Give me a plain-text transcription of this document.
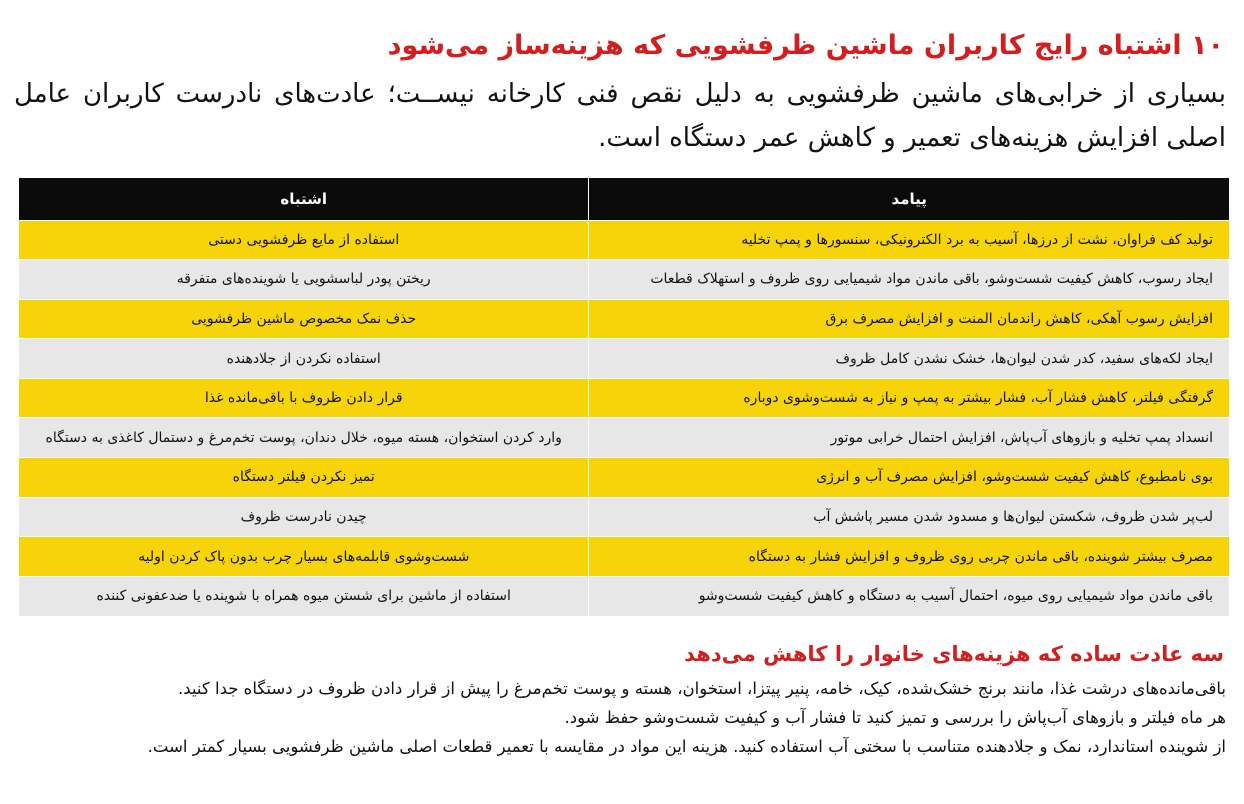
۱۰ اشتباه رایج کاربران ماشین ظرفشویی که هزینه‌ساز می‌شود

بسیاری از خرابی‌های ماشین ظرفشویی به دلیل نقص فنی کارخانه نیســت؛ عادت‌های نادرست کاربران عامل اصلی افزایش هزینه‌های تعمیر و کاهش عمر دستگاه است.

پیامد	اشتباه
تولید کف فراوان، نشت از درزها، آسیب به برد الکترونیکی، سنسورها و پمپ تخلیه	استفاده از مایع ظرفشویی دستی
ایجاد رسوب، کاهش کیفیت شست‌وشو، باقی ماندن مواد شیمیایی روی ظروف و استهلاک قطعات	ریختن پودر لباسشویی یا شوینده‌های متفرقه
افزایش رسوب آهکی، کاهش راندمان المنت و افزایش مصرف برق	حذف نمک مخصوص ماشین ظرفشویی
ایجاد لکه‌های سفید، کدر شدن لیوان‌ها، خشک نشدن کامل ظروف	استفاده نکردن از جلادهنده
گرفتگی فیلتر، کاهش فشار آب، فشار بیشتر به پمپ و نیاز به شست‌وشوی دوباره	قرار دادن ظروف با باقی‌مانده غذا
انسداد پمپ تخلیه و بازوهای آب‌پاش، افزایش احتمال خرابی موتور	وارد کردن استخوان، هسته میوه، خلال دندان، پوست تخم‌مرغ و دستمال کاغذی به دستگاه
بوی نامطبوع، کاهش کیفیت شست‌وشو، افزایش مصرف آب و انرژی	تمیز نکردن فیلتر دستگاه
لب‌پر شدن ظروف، شکستن لیوان‌ها و مسدود شدن مسیر پاشش آب	چیدن نادرست ظروف
مصرف بیشتر شوینده، باقی ماندن چربی روی ظروف و افزایش فشار به دستگاه	شست‌وشوی قابلمه‌های بسیار چرب بدون پاک کردن اولیه
باقی ماندن مواد شیمیایی روی میوه، احتمال آسیب به دستگاه و کاهش کیفیت شست‌وشو	استفاده از ماشین برای شستن میوه همراه با شوینده یا ضدعفونی کننده
سه عادت ساده که هزینه‌های خانوار را کاهش می‌دهد
باقی‌مانده‌های درشت غذا، مانند برنج خشک‌شده، کیک، خامه، پنیر پیتزا، استخوان، هسته و پوست تخم‌مرغ را پیش از قرار دادن ظروف در دستگاه جدا کنید.
هر ماه فیلتر و بازوهای آب‌پاش را بررسی و تمیز کنید تا فشار آب و کیفیت شست‌وشو حفظ شود.
از شوینده استاندارد، نمک و جلادهنده متناسب با سختی آب استفاده کنید. هزینه این مواد در مقایسه با تعمیر قطعات اصلی ماشین ظرفشویی بسیار کمتر است.
